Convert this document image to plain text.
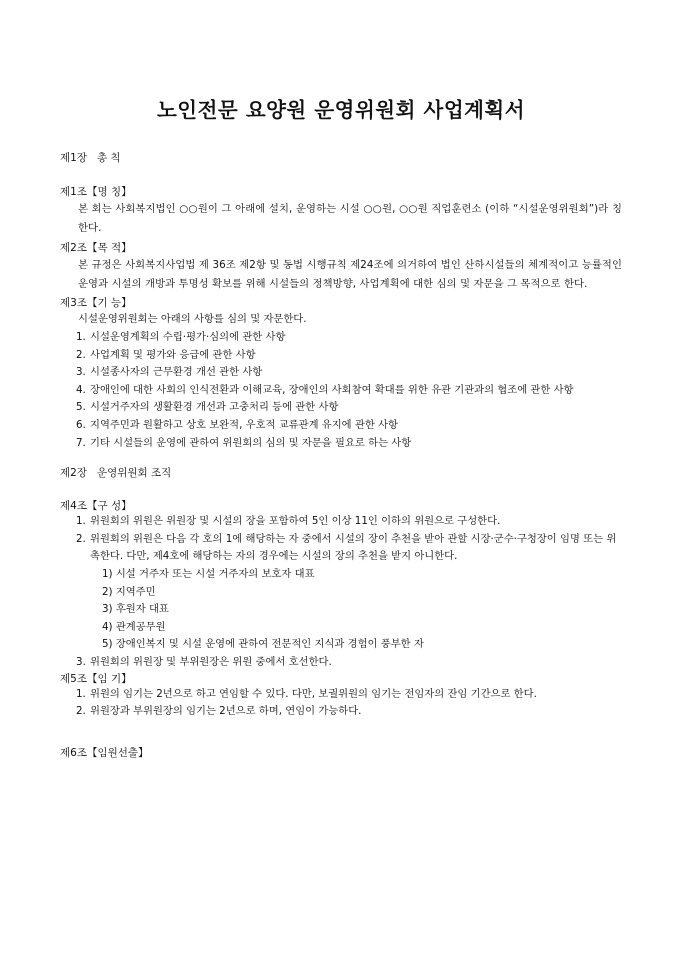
노인전문 요양원 운영위원회 사업계획서

제1장 총 칙

제1조【명 칭】

본 회는 사회복지법인 ○○원이 그 아래에 설치, 운영하는 시설 ○○원, ○○원 직업훈련소 (이하 “시설운영위원회”)라 칭한다.

제2조【목 적】

본 규정은 사회복지사업법 제 36조 제2항 및 동법 시행규칙 제24조에 의거하여 법인 산하시설들의 체계적이고 능률적인 운영과 시설의 개방과 투명성 확보를 위해 시설들의 정책방향, 사업계획에 대한 심의 및 자문을 그 목적으로 한다.

제3조【기 능】

시설운영위원회는 아래의 사항를 심의 및 자문한다.

1. 시설운영계획의 수립·평가·심의에 관한 사항
2. 사업계획 및 평가와 응급에 관한 사항
3. 시설종사자의 근무환경 개선 관한 사항
4. 장애인에 대한 사회의 인식전환과 이해교육, 장애인의 사회참여 확대를 위한 유관 기관과의 협조에 관한 사항
5. 시설거주자의 생활환경 개선과 고충처리 등에 관한 사항
6. 지역주민과 원활하고 상호 보완적, 우호적 교류관계 유지에 관한 사항
7. 기타 시설들의 운영에 관하여 위원회의 심의 및 자문을 필요로 하는 사항

제2장 운영위원회 조직

제4조【구 성】

1. 위원회의 위원은 위원장 및 시설의 장을 포함하여 5인 이상 11인 이하의 위원으로 구성한다.
2. 위원회의 위원은 다음 각 호의 1에 해당하는 자 중에서 시설의 장이 추천을 받아 관할 시장·군수·구청장이 임명 또는 위촉한다. 다만, 제4호에 해당하는 자의 경우에는 시설의 장의 추천을 받지 아니한다.
1) 시설 거주자 또는 시설 거주자의 보호자 대표
2) 지역주민
3) 후원자 대표
4) 관계공무원
5) 장애인복지 및 시설 운영에 관하여 전문적인 지식과 경험이 풍부한 자
3. 위원회의 위원장 및 부위원장은 위원 중에서 호선한다.

제5조【임 기】

1. 위원의 임기는 2년으로 하고 연임할 수 있다. 다만, 보궐위원의 임기는 전임자의 잔임 기간으로 한다.
2. 위원장과 부위원장의 임기는 2년으로 하며, 연임이 가능하다.

제6조【임원선출】
